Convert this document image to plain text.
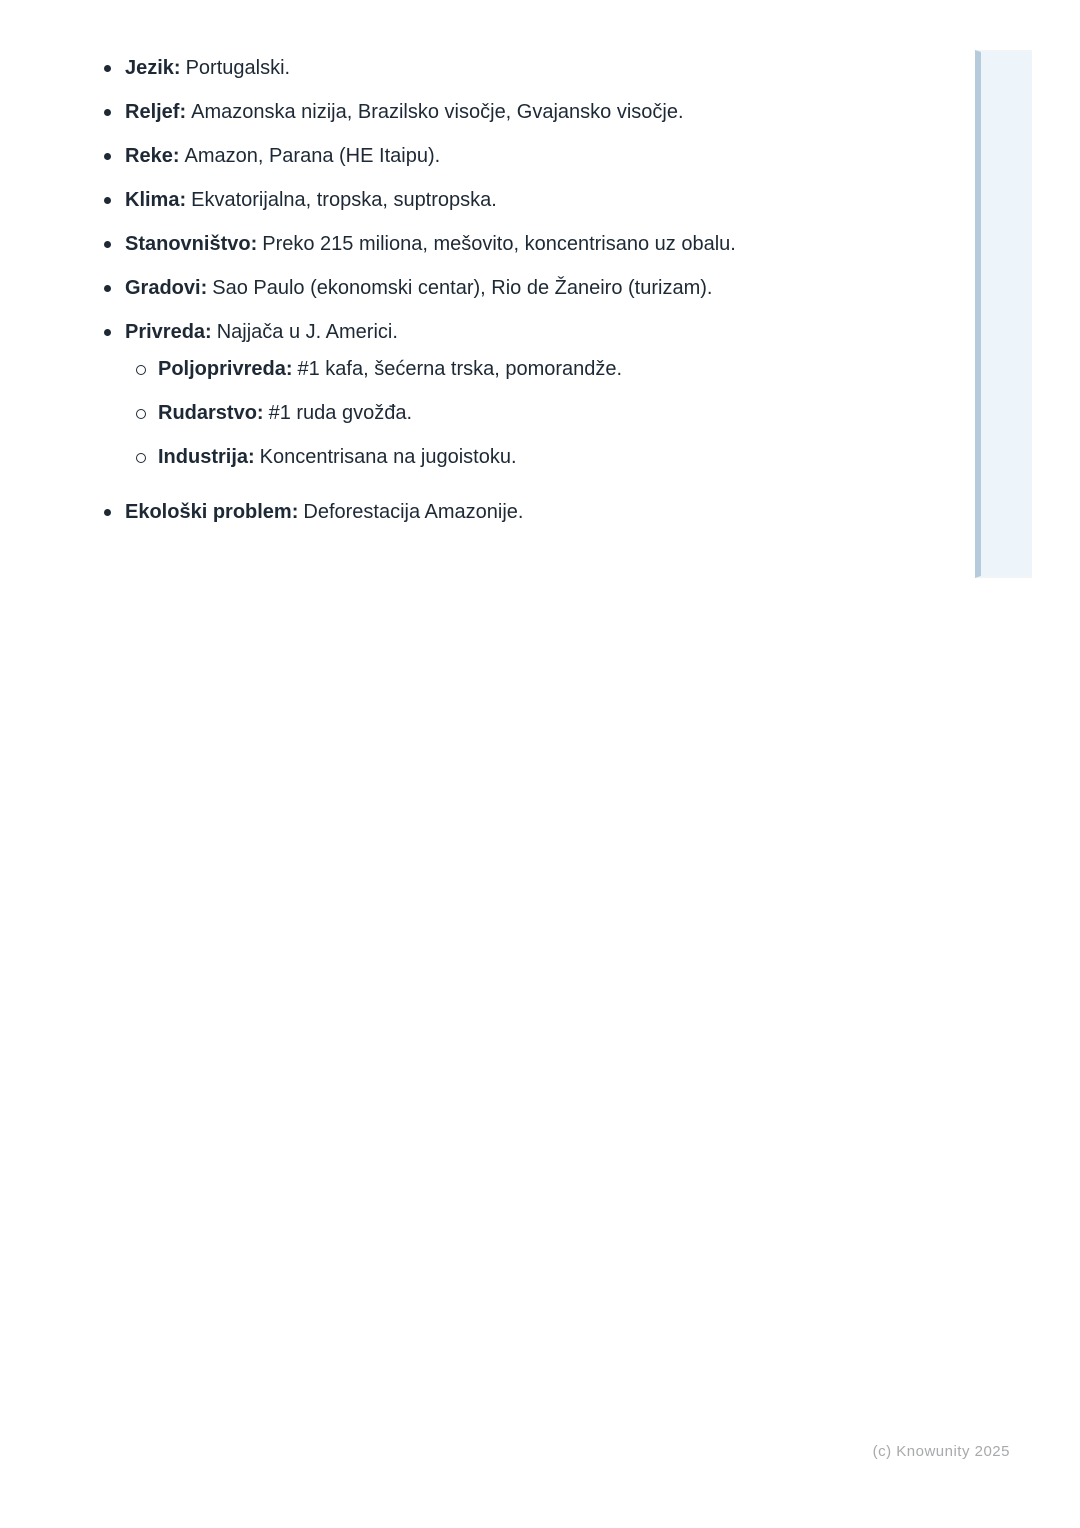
Jezik: Portugalski.
Reljef: Amazonska nizija, Brazilsko visočje, Gvajansko visočje.
Reke: Amazon, Parana (HE Itaipu).
Klima: Ekvatorijalna, tropska, suptropska.
Stanovništvo: Preko 215 miliona, mešovito, koncentrisano uz obalu.
Gradovi: Sao Paulo (ekonomski centar), Rio de Žaneiro (turizam).
Privreda: Najjača u J. Americi.
Poljoprivreda: #1 kafa, šećerna trska, pomorandže.
Rudarstvo: #1 ruda gvožđa.
Industrija: Koncentrisana na jugoistoku.
Ekološki problem: Deforestacija Amazonije.
(c) Knowunity 2025
